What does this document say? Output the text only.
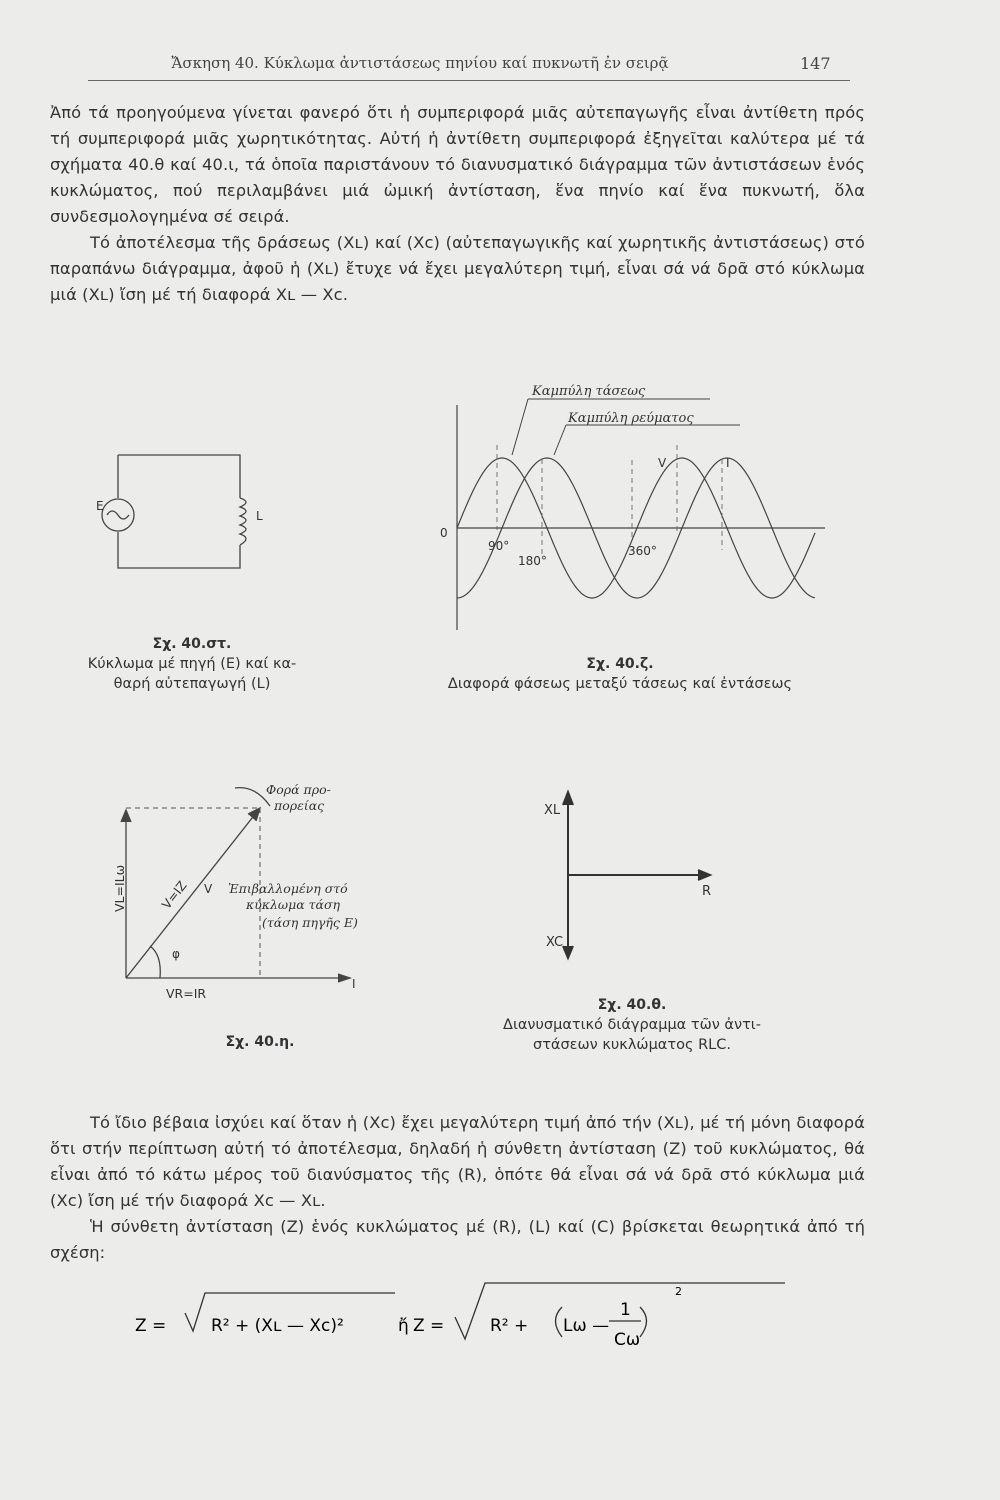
Ἄσκηση 40. Κύκλωμα ἀντιστάσεως πηνίου καί πυκνωτῆ ἐν σειρᾷ	147

Ἀπό τά προηγούμενα γίνεται φανερό ὅτι ἡ συμπεριφορά μιᾶς αὐτεπαγωγῆς εἶναι ἀντίθετη πρός τή συμπεριφορά μιᾶς χωρητικότητας. Αὐτή ἡ ἀντίθετη συμπεριφορά ἐξηγεῖται καλύτερα μέ τά σχήματα 40.θ καί 40.ι, τά ὁποῖα παριστάνουν τό διανυσματικό διάγραμμα τῶν ἀντιστάσεων ἑνός κυκλώματος, πού περιλαμβάνει μιά ὠμική ἀντίσταση, ἕνα πηνίο καί ἕνα πυκνωτή, ὅλα συνδεσμολογημένα σέ σειρά.

Τό ἀποτέλεσμα τῆς δράσεως (Xʟ) καί (Xᴄ) (αὐτεπαγωγικῆς καί χωρητικῆς ἀντιστάσεως) στό παραπάνω διάγραμμα, ἀφοῦ ἡ (Xʟ) ἔτυχε νά ἔχει μεγαλύτερη τιμή, εἶναι σά νά δρᾶ στό κύκλωμα μιά (Xʟ) ἴση μέ τή διαφορά Xʟ — Xᴄ.

E
L
Σχ. 40.στ.
Κύκλωμα μέ πηγή (E) καί κα-
θαρή αὐτεπαγωγή (L)
Καμπύλη τάσεως
Καμπύλη ρεύματος
V	I
0
90°
180°
360°
Σχ. 40.ζ.
Διαφορά φάσεως μεταξύ τάσεως καί ἐντάσεως
Φορά προ-
πορείας
VL=ILω	V=IZ V Ἐπιβαλλομένη στό
κύκλωμα τάση
(τάση πηγῆς E)
φ
VR=IR
I
Σχ. 40.η.
XL
R
XC
Σχ. 40.θ.
Διανυσματικό διάγραμμα τῶν ἀντι-
στάσεων κυκλώματος RLC.

Τό ἴδιο βέβαια ἰσχύει καί ὅταν ἡ (Xᴄ) ἔχει μεγαλύτερη τιμή ἀπό τήν (Xʟ), μέ τή μόνη διαφορά ὅτι στήν περίπτωση αὐτή τό ἀποτέλεσμα, δηλαδή ἡ σύνθετη ἀντίσταση (Z) τοῦ κυκλώματος, θά εἶναι ἀπό τό κάτω μέρος τοῦ διανύσματος τῆς (R), ὁπότε θά εἶναι σά νά δρᾶ στό κύκλωμα μιά (Xᴄ) ἴση μέ τήν διαφορά Xᴄ — Xʟ.

Ἡ σύνθετη ἀντίσταση (Z) ἑνός κυκλώματος μέ (R), (L) καί (C) βρίσκεται θεωρητικά ἀπό τή σχέση:

Z =	R² + (Xʟ — Xᴄ)²	ἤ Z =	R² + Lω —
1
Cω
2
